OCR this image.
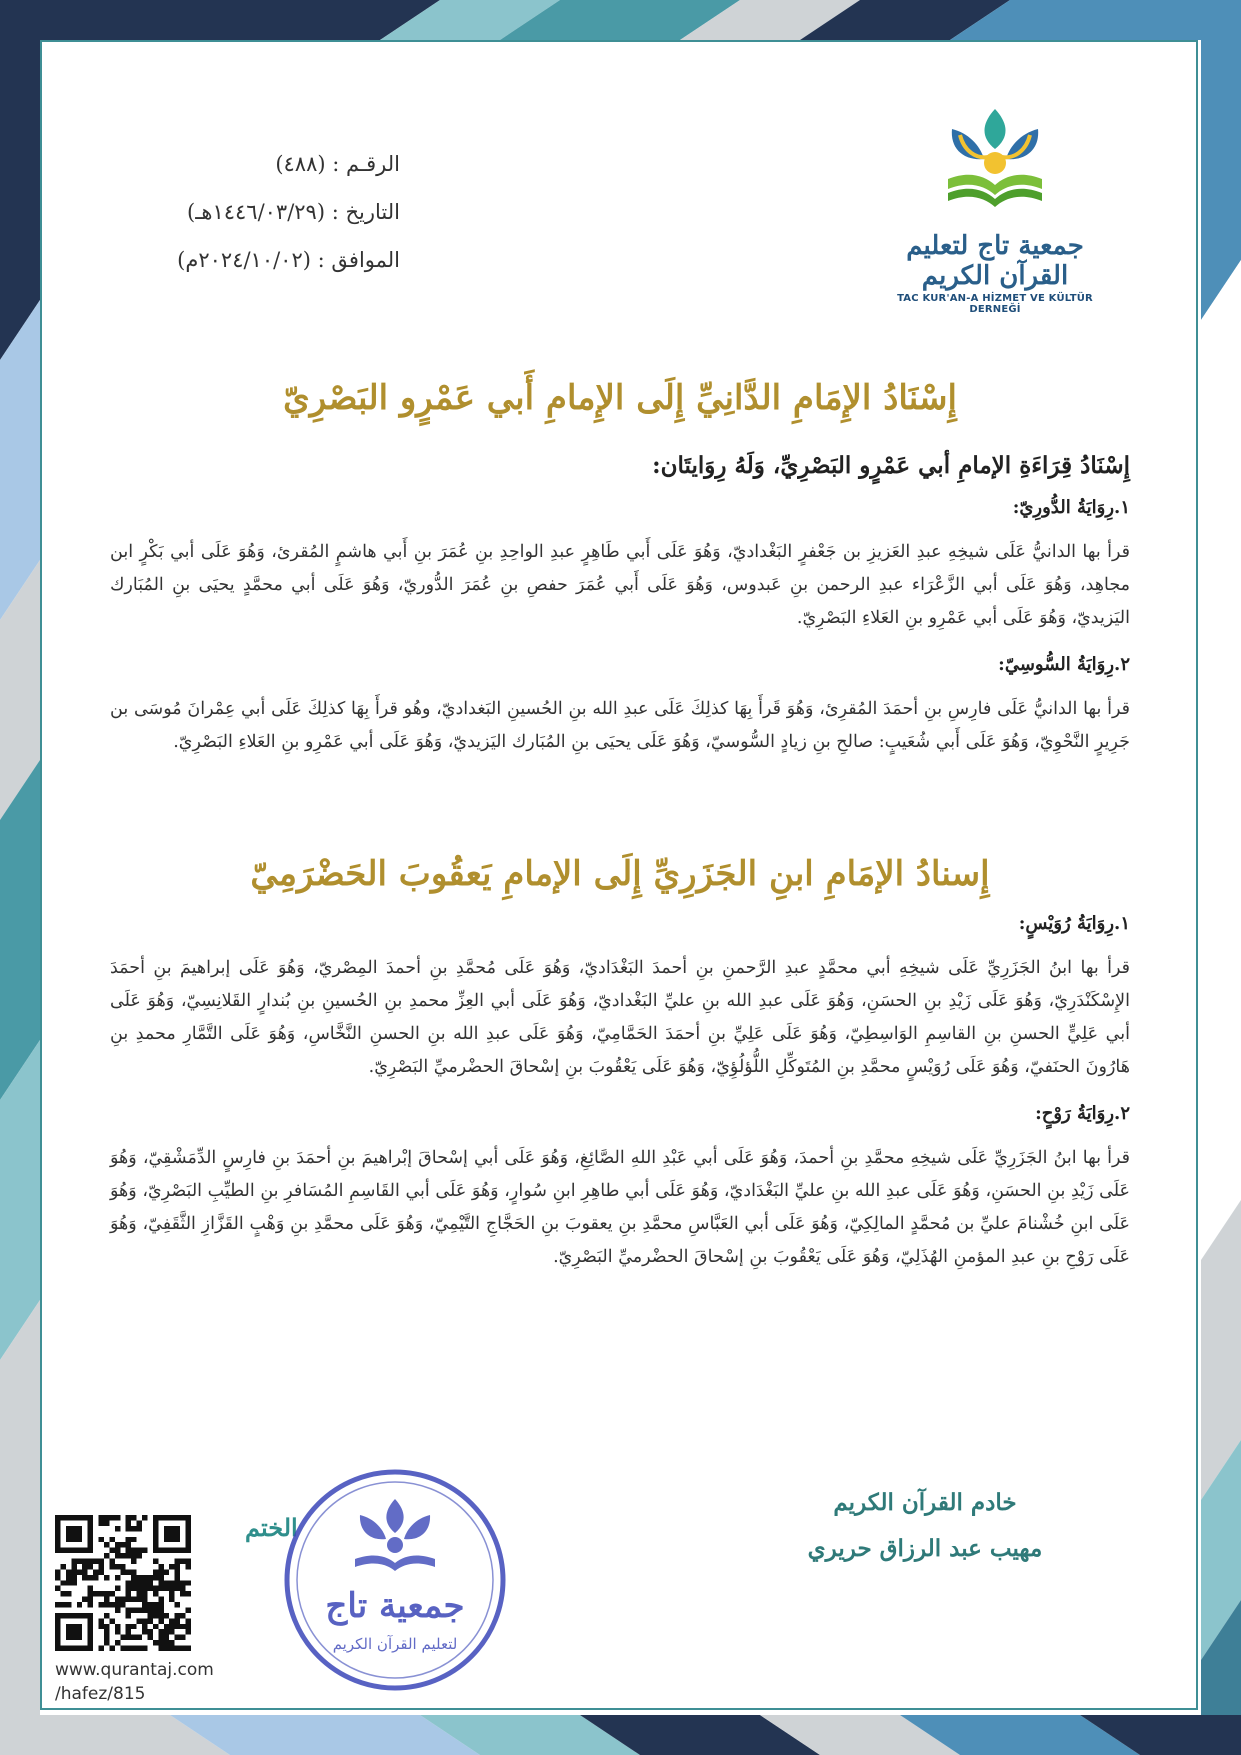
الرقـم : (٤٨٨)
التاريخ : (١٤٤٦/٠٣/٢٩هـ)
الموافق : (٢٠٢٤/١٠/٠٢م)	جمعية تاج لتعليم القرآن الكريم
TAC KUR'AN-A HİZMET VE KÜLTÜR DERNEĞİ
إِسْنَادُ الإِمَامِ الدَّانِيِّ إِلَى الإِمامِ أَبي عَمْرٍو البَصْرِيّ
إِسْنَادُ قِرَاءَةِ الإمامِ أبي عَمْرٍو البَصْرِيِّ، وَلَهُ رِوَايتَان:
١.رِوَايَةُ الدُّورِيّ:
قرأ بها الدانيُّ عَلَى شيخِهِ عبدِ العَزيزِ بن جَعْفرٍ البَغْداديّ، وَهُوَ عَلَى أَبي طَاهِرٍ عبدِ الواحِدِ بنِ عُمَرَ بنِ أَبي هاشمٍ المُقرئ، وَهُوَ عَلَى أبي بَكْرٍ ابن مجاهِد، وَهُوَ عَلَى أبي الزَّعْرَاء عبدِ الرحمن بنِ عَبدوس، وَهُوَ عَلَى أَبي عُمَرَ حفصِ بنِ عُمَرَ الدُّوريّ، وَهُوَ عَلَى أبي محمَّدٍ يحيَى بنِ المُبَارك اليَزيديّ، وَهُوَ عَلَى أبي عَمْرِو بنِ العَلاءِ البَصْرِيّ.
٢.رِوَايَةُ السُّوسِيّ:
قرأ بها الدانيُّ عَلَى فارِسِ بنِ أحمَدَ المُقرِئ، وَهُوَ قَرأَ بِهَا كذلِكَ عَلَى عبدِ الله بنِ الحُسينِ البَغداديّ، وهُو قرأَ بِهَا كذلِكَ عَلَى أبي عِمْرانَ مُوسَى بن جَرِيرٍ النَّحْوِيّ، وَهُوَ عَلَى أَبي شُعَيبٍ: صالحِ بنِ زيادٍ السُّوسيّ، وَهُوَ عَلَى يحيَى بنِ المُبَارك اليَزيديّ، وَهُوَ عَلَى أبي عَمْرِو بنِ العَلاءِ البَصْرِيّ.
إِسنادُ الإمَامِ ابنِ الجَزَرِيِّ إِلَى الإمامِ يَعقُوبَ الحَضْرَمِيّ
١.رِوَايَةُ رُوَيْسٍ:
قرأ بها ابنُ الجَزَرِيِّ عَلَى شيخِهِ أبي محمَّدٍ عبدِ الرَّحمنِ بنِ أحمدَ البَغْدَاديّ، وَهُوَ عَلَى مُحمَّدِ بنِ أحمدَ المِصْريّ، وَهُوَ عَلَى إبراهيمَ بنِ أحمَدَ الإِسْكَنْدَرِيّ، وَهُوَ عَلَى زَيْدِ بنِ الحسَنِ، وَهُوَ عَلَى عبدِ الله بنِ عليِّ البَغْداديّ، وَهُوَ عَلَى أبي العِزِّ محمدِ بنِ الحُسينِ بنِ بُندارٍ القَلانِسِيّ، وَهُوَ عَلَى أبي عَلِيٍّ الحسنِ بنِ القاسِمِ الوَاسِطِيّ، وَهُوَ عَلَى عَلِيِّ بنِ أحمَدَ الحَمَّامِيّ، وَهُوَ عَلَى عبدِ الله بنِ الحسنِ النَّخَّاسِ، وَهُوَ عَلَى التَّمَّارِ محمدِ بنِ هَارُونَ الحنَفيّ، وَهُوَ عَلَى رُوَيْسٍ محمَّدِ بنِ المُتَوكِّلِ اللُّؤلُؤِيّ، وَهُوَ عَلَى يَعْقُوبَ بنِ إسْحاقَ الحضْرميِّ البَصْرِيّ.
٢.رِوَايَةُ رَوْحٍ:
قرأ بها ابنُ الجَزَرِيِّ عَلَى شيخِهِ محمَّدِ بنِ أحمدَ، وَهُوَ عَلَى أبي عَبْدِ اللهِ الصَّائِغِ، وَهُوَ عَلَى أبي إسْحاقَ إبْراهيمَ بنِ أحمَدَ بنِ فارِسٍ الدِّمَشْقِيّ، وَهُوَ عَلَى زَيْدِ بنِ الحسَنِ، وَهُوَ عَلَى عبدِ الله بنِ عليِّ البَغْدَاديّ، وَهُوَ عَلَى أبي طاهِرِ ابنِ سُوارٍ، وَهُوَ عَلَى أبي القَاسِمِ المُسَافرِ بنِ الطيِّبِ البَصْرِيّ، وَهُوَ عَلَى ابنِ خُشْنامَ عليِّ بن مُحمَّدٍ المالِكِيّ، وَهُوَ عَلَى أبي العَبَّاسِ محمَّدِ بنِ يعقوبَ بنِ الحَجَّاجِ التَّيْمِيّ، وَهُوَ عَلَى محمَّدِ بنِ وَهْبٍ القَزَّازِ الثَّقَفِيّ، وَهُوَ عَلَى رَوْحِ بنِ عبدِ المؤمنِ الهُذَلِيّ، وَهُوَ عَلَى يَعْقُوبَ بنِ إسْحاقَ الحضْرميِّ البَصْرِيّ.
خادم القرآن الكريم
مهيب عبد الرزاق حريري
الختم
جمعية تاج
لتعليم القرآن الكريم
www.qurantaj.com
/hafez/815
